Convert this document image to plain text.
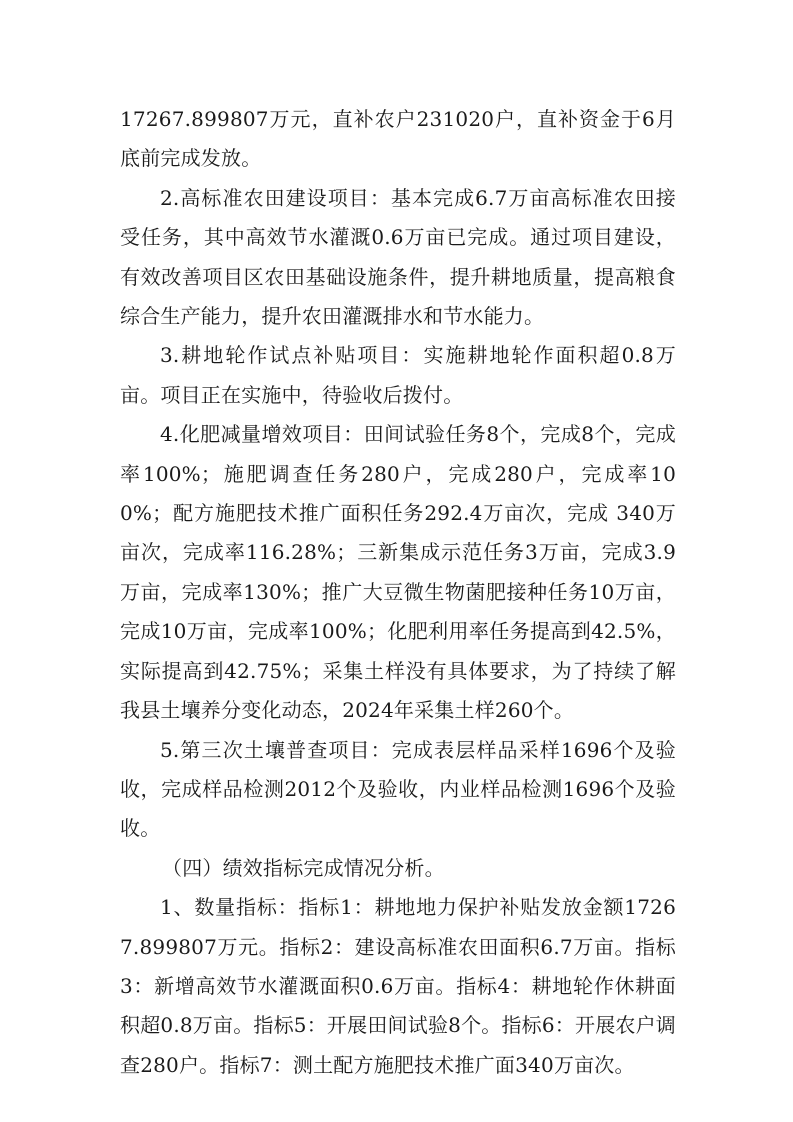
17267.899807万元，直补农户231020户，直补资金于6月底前完成发放。

2.高标准农田建设项目：基本完成6.7万亩高标准农田接受任务，其中高效节水灌溉0.6万亩已完成。通过项目建设，有效改善项目区农田基础设施条件，提升耕地质量，提高粮食综合生产能力，提升农田灌溉排水和节水能力。

3.耕地轮作试点补贴项目：实施耕地轮作面积超0.8万亩。项目正在实施中，待验收后拨付。

4.化肥减量增效项目：田间试验任务8个，完成8个，完成率100%；施肥调查任务280户，完成280户，完成率100%；配方施肥技术推广面积任务292.4万亩次，完成 340万亩次，完成率116.28%；三新集成示范任务3万亩，完成3.9万亩，完成率130%；推广大豆微生物菌肥接种任务10万亩，完成10万亩，完成率100%；化肥利用率任务提高到42.5%，实际提高到42.75%；采集土样没有具体要求，为了持续了解我县土壤养分变化动态，2024年采集土样260个。

5.第三次土壤普查项目：完成表层样品采样1696个及验收，完成样品检测2012个及验收，内业样品检测1696个及验收。

（四）绩效指标完成情况分析。

1、数量指标：指标1：耕地地力保护补贴发放金额17267.899807万元。指标2：建设高标准农田面积6.7万亩。指标3：新增高效节水灌溉面积0.6万亩。指标4：耕地轮作休耕面积超0.8万亩。指标5：开展田间试验8个。指标6：开展农户调查280户。指标7：测土配方施肥技术推广面340万亩次。
